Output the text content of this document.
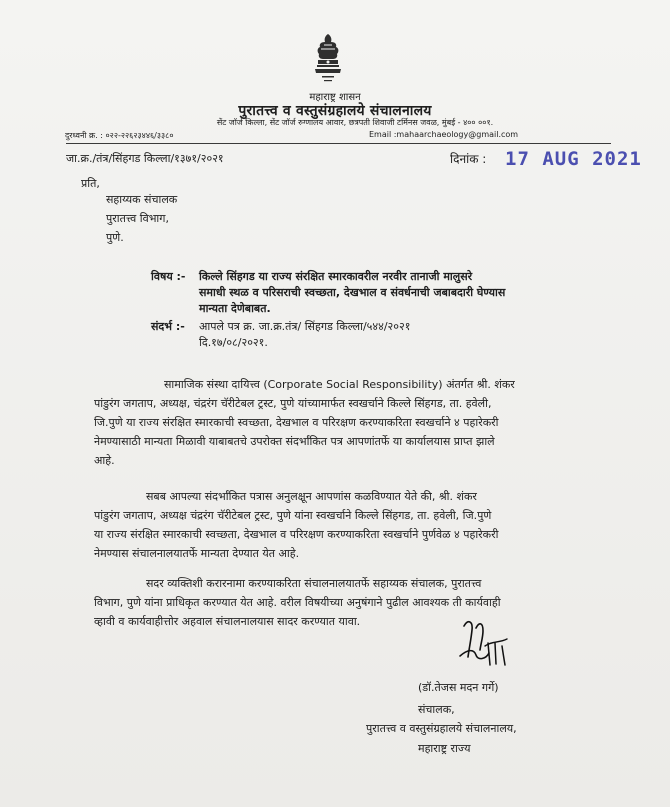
महाराष्ट्र शासन
पुरातत्त्व व वस्तुसंग्रहालये संचालनालय
सेंट जॉर्ज किल्ला, सेंट जॉर्ज रुग्णालय आवार, छत्रपती शिवाजी टर्मिनस जवळ, मुंबई - ४०० ००१.
दुरध्वनी क्र. : ०२२-२२६२३४४६/३३८०	Email :mahaarchaeology@gmail.com
जा.क्र./तंत्र/सिंहगड किल्ला/१३७१/२०२१	दिनांक : 17 AUG 2021
प्रति,
सहाय्यक संचालक
पुरातत्त्व विभाग,
पुणे.
विषय :- किल्ले सिंहगड या राज्य संरक्षित स्मारकावरील नरवीर तानाजी मालुसरे
समाधी स्थळ व परिसराची स्वच्छता, देखभाल व संवर्धनाची जबाबदारी घेण्यास
मान्यता देणेबाबत.
संदर्भ :- आपले पत्र क्र. जा.क्र.तंत्र/ सिंहगड किल्ला/५४४/२०२१
दि.१७/०८/२०२१.
सामाजिक संस्था दायित्त्व (Corporate Social Responsibility) अंतर्गत श्री. शंकर
पांडुरंग जगताप, अध्यक्ष, चंद्ररंग चॅरीटेबल ट्रस्ट, पुणे यांच्यामार्फत स्वखर्चाने किल्ले सिंहगड, ता. हवेली,
जि.पुणे या राज्य संरक्षित स्मारकाची स्वच्छता, देखभाल व परिरक्षण करण्याकरिता स्वखर्चाने ४ पहारेकरी
नेमण्यासाठी मान्यता मिळावी याबाबतचे उपरोक्त संदर्भांकित पत्र आपणांतर्फे या कार्यालयास प्राप्त झाले
आहे.
सबब आपल्या संदर्भांकित पत्रास अनुलक्षून आपणांस कळविण्यात येते की, श्री. शंकर
पांडुरंग जगताप, अध्यक्ष चंद्ररंग चॅरीटेबल ट्रस्ट, पुणे यांना स्वखर्चाने किल्ले सिंहगड, ता. हवेली, जि.पुणे
या राज्य संरक्षित स्मारकाची स्वच्छता, देखभाल व परिरक्षण करण्याकरिता स्वखर्चाने पुर्णवेळ ४ पहारेकरी
नेमण्यास संचालनालयातर्फे मान्यता देण्यात येत आहे.
सदर व्यक्तिशी करारनामा करण्याकरिता संचालनालयातर्फे सहाय्यक संचालक, पुरातत्त्व
विभाग, पुणे यांना प्राधिकृत करण्यात येत आहे. वरील विषयीच्या अनुषंगाने पुढील आवश्यक ती कार्यवाही
व्हावी व कार्यवाहीत्तोर अहवाल संचालनालयास सादर करण्यात यावा.
(डॉ.तेजस मदन गर्गे)
संचालक,
पुरातत्त्व व वस्तुसंग्रहालये संचालनालय,
महाराष्ट्र राज्य
